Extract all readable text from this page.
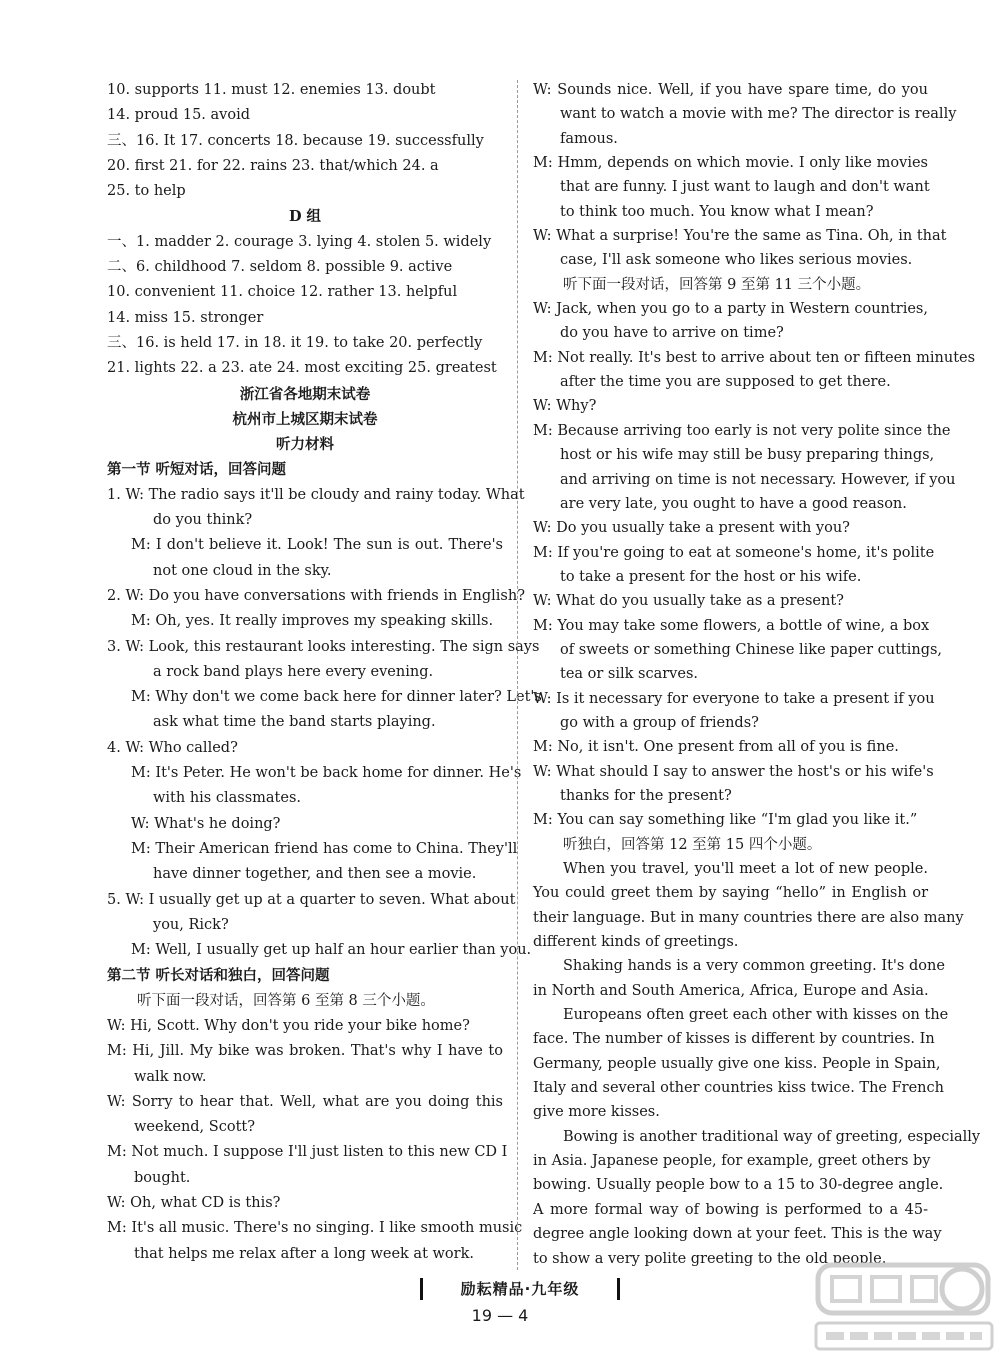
10. supports 11. must 12. enemies 13. doubt
14. proud 15. avoid
三、16. It 17. concerts 18. because 19. successfully
20. first 21. for 22. rains 23. that/which 24. a
25. to help
D 组
一、1. madder 2. courage 3. lying 4. stolen 5. widely
二、6. childhood 7. seldom 8. possible 9. active
10. convenient 11. choice 12. rather 13. helpful
14. miss 15. stronger
三、16. is held 17. in 18. it 19. to take 20. perfectly
21. lights 22. a 23. ate 24. most exciting 25. greatest
浙江省各地期末试卷
杭州市上城区期末试卷
听力材料
第一节 听短对话，回答问题
1. W: The radio says it'll be cloudy and rainy today. What
do you think?
M: I don't believe it. Look! The sun is out. There's
not one cloud in the sky.
2. W: Do you have conversations with friends in English?
M: Oh, yes. It really improves my speaking skills.
3. W: Look, this restaurant looks interesting. The sign says
a rock band plays here every evening.
M: Why don't we come back here for dinner later? Let's
ask what time the band starts playing.
4. W: Who called?
M: It's Peter. He won't be back home for dinner. He's
with his classmates.
W: What's he doing?
M: Their American friend has come to China. They'll
have dinner together, and then see a movie.
5. W: I usually get up at a quarter to seven. What about
you, Rick?
M: Well, I usually get up half an hour earlier than you.
第二节 听长对话和独白，回答问题
听下面一段对话，回答第 6 至第 8 三个小题。
W: Hi, Scott. Why don't you ride your bike home?
M: Hi, Jill. My bike was broken. That's why I have to
walk now.
W: Sorry to hear that. Well, what are you doing this
weekend, Scott?
M: Not much. I suppose I'll just listen to this new CD I
bought.
W: Oh, what CD is this?
M: It's all music. There's no singing. I like smooth music
that helps me relax after a long week at work.
W: Sounds nice. Well, if you have spare time, do you
want to watch a movie with me? The director is really
famous.
M: Hmm, depends on which movie. I only like movies
that are funny. I just want to laugh and don't want
to think too much. You know what I mean?
W: What a surprise! You're the same as Tina. Oh, in that
case, I'll ask someone who likes serious movies.
听下面一段对话，回答第 9 至第 11 三个小题。
W: Jack, when you go to a party in Western countries,
do you have to arrive on time?
M: Not really. It's best to arrive about ten or fifteen minutes
after the time you are supposed to get there.
W: Why?
M: Because arriving too early is not very polite since the
host or his wife may still be busy preparing things,
and arriving on time is not necessary. However, if you
are very late, you ought to have a good reason.
W: Do you usually take a present with you?
M: If you're going to eat at someone's home, it's polite
to take a present for the host or his wife.
W: What do you usually take as a present?
M: You may take some flowers, a bottle of wine, a box
of sweets or something Chinese like paper cuttings,
tea or silk scarves.
W: Is it necessary for everyone to take a present if you
go with a group of friends?
M: No, it isn't. One present from all of you is fine.
W: What should I say to answer the host's or his wife's
thanks for the present?
M: You can say something like “I'm glad you like it.”
听独白，回答第 12 至第 15 四个小题。
When you travel, you'll meet a lot of new people.
You could greet them by saying “hello” in English or
their language. But in many countries there are also many
different kinds of greetings.
Shaking hands is a very common greeting. It's done
in North and South America, Africa, Europe and Asia.
Europeans often greet each other with kisses on the
face. The number of kisses is different by countries. In
Germany, people usually give one kiss. People in Spain,
Italy and several other countries kiss twice. The French
give more kisses.
Bowing is another traditional way of greeting, especially
in Asia. Japanese people, for example, greet others by
bowing. Usually people bow to a 15 to 30-degree angle.
A more formal way of bowing is performed to a 45-
degree angle looking down at your feet. This is the way
to show a very polite greeting to the old people.
励耘精品·九年级
19 — 4
